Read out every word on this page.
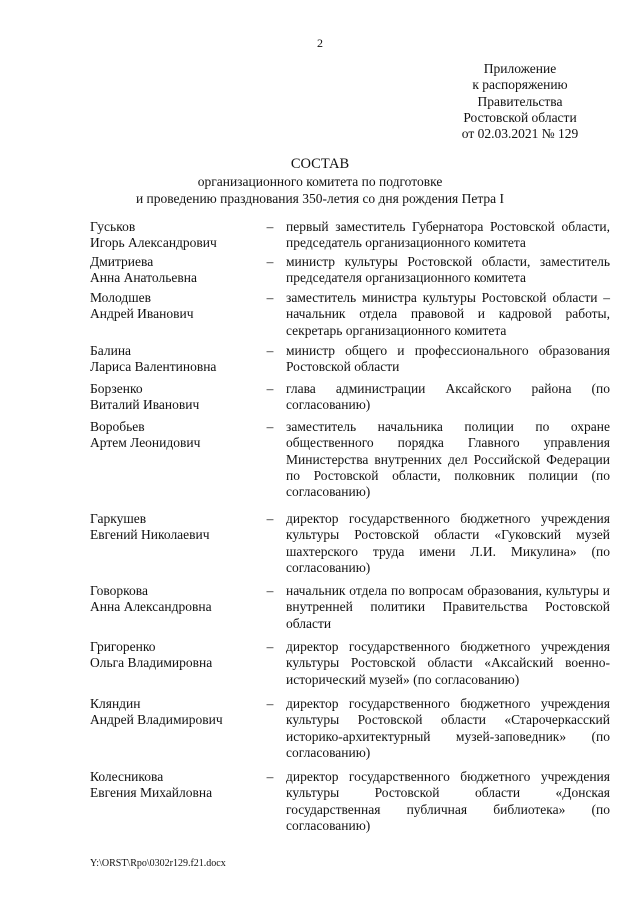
2
Приложение
к распоряжению
Правительства
Ростовской области
от 02.03.2021 № 129
СОСТАВ
организационного комитета по подготовке
и проведению празднования 350-летия со дня рождения Петра I
Гуськов
Игорь Александрович
– первый заместитель Губернатора Ростовской области, председатель организационного комитета
Дмитриева
Анна Анатольевна
– министр культуры Ростовской области, заместитель председателя организационного комитета
Молодшев
Андрей Иванович
– заместитель министра культуры Ростовской области – начальник отдела правовой и кадровой работы, секретарь организационного комитета
Балина
Лариса Валентиновна
– министр общего и профессионального образования Ростовской области
Борзенко
Виталий Иванович
– глава администрации Аксайского района (по согласованию)
Воробьев
Артем Леонидович
– заместитель начальника полиции по охране общественного порядка Главного управления Министерства внутренних дел Российской Федерации по Ростовской области, полковник полиции (по согласованию)
Гаркушев
Евгений Николаевич
– директор государственного бюджетного учреждения культуры Ростовской области «Гуковский музей шахтерского труда имени Л.И. Микулина» (по согласованию)
Говоркова
Анна Александровна
– начальник отдела по вопросам образования, культуры и внутренней политики Правительства Ростовской области
Григоренко
Ольга Владимировна
– директор государственного бюджетного учреждения культуры Ростовской области «Аксайский военно-исторический музей» (по согласованию)
Кляндин
Андрей Владимирович
– директор государственного бюджетного учреждения культуры Ростовской области «Старочеркасский историко-архитектурный музей-заповедник» (по согласованию)
Колесникова
Евгения Михайловна
– директор государственного бюджетного учреждения культуры Ростовской области «Донская государственная публичная библиотека» (по согласованию)
Y:\ORST\Rpo\0302r129.f21.docx
